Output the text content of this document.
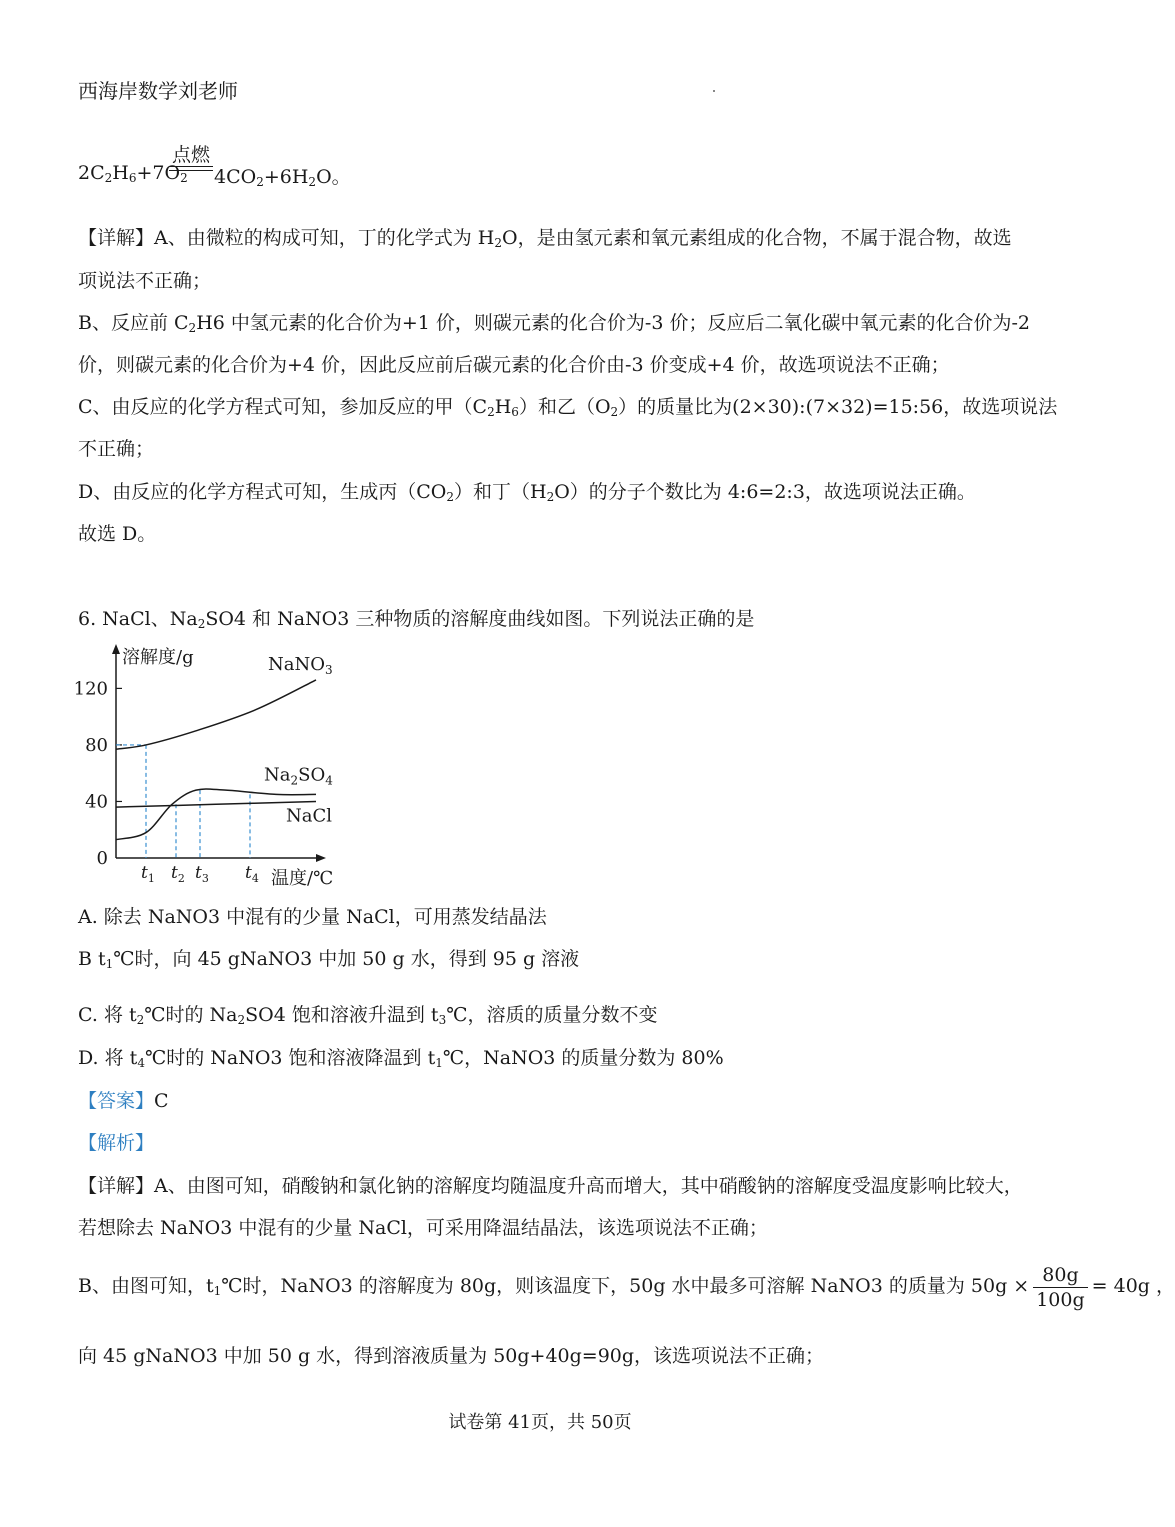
西海岸数学刘老师
$2C_2H_6+7O_2$
点燃
$4CO_2+6H_2O$。
【详解】A、由微粒的构成可知，丁的化学式为 $H_2O$，是由氢元素和氧元素组成的化合物，不属于混合物，故选
项说法不正确；
B、反应前 $C_2H6$ 中氢元素的化合价为+1 价，则碳元素的化合价为-3 价；反应后二氧化碳中氧元素的化合价为-2
价，则碳元素的化合价为+4 价，因此反应前后碳元素的化合价由-3 价变成+4 价，故选项说法不正确；
C、由反应的化学方程式可知，参加反应的甲$(C_2H_6)$和乙$(O_2)$的质量比为(2×30):(7×32)=15:56，故选项说法
不正确；
D、由反应的化学方程式可知，生成丙$(CO_2)$和丁$(H_2O)$的分子个数比为 4:6=2:3，故选项说法正确。
故选 D。
6. NaCl、$Na_2SO4$ 和 NaNO3 三种物质的溶解度曲线如图。下列说法正确的是
溶解度/g
温度/℃
0
40
80
120
NaNO$_3$
$Na_2SO_4$
NaCl
$t_1$ $t_2$ $t_3$ $t_4$
A. 除去 NaNO3 中混有的少量 NaCl，可用蒸发结晶法
B $t_1℃$时，向 45 gNaNO3 中加 50 g 水，得到 95 g 溶液
C. 将 $t_2℃$时的 $Na_2SO4$ 饱和溶液升温到 $t_3℃$，溶质的质量分数不变
D. 将 $t_4℃$时的 NaNO3 饱和溶液降温到 $t_1℃$，NaNO3 的质量分数为 80%
【答案】C
【解析】
【详解】A、由图可知，硝酸钠和氯化钠的溶解度均随温度升高而增大，其中硝酸钠的溶解度受温度影响比较大，
若想除去 NaNO3 中混有的少量 NaCl，可采用降温结晶法，该选项说法不正确；
B、由图可知，$t_1℃$时，NaNO3 的溶解度为 80g，则该温度下，50g 水中最多可溶解 NaNO3 的质量为 $50g \times \frac{80g}{100g} = 40g$ ，
向 45 gNaNO3 中加 50 g 水，得到溶液质量为 50g+40g=90g，该选项说法不正确；
试卷第 41页，共 50页
